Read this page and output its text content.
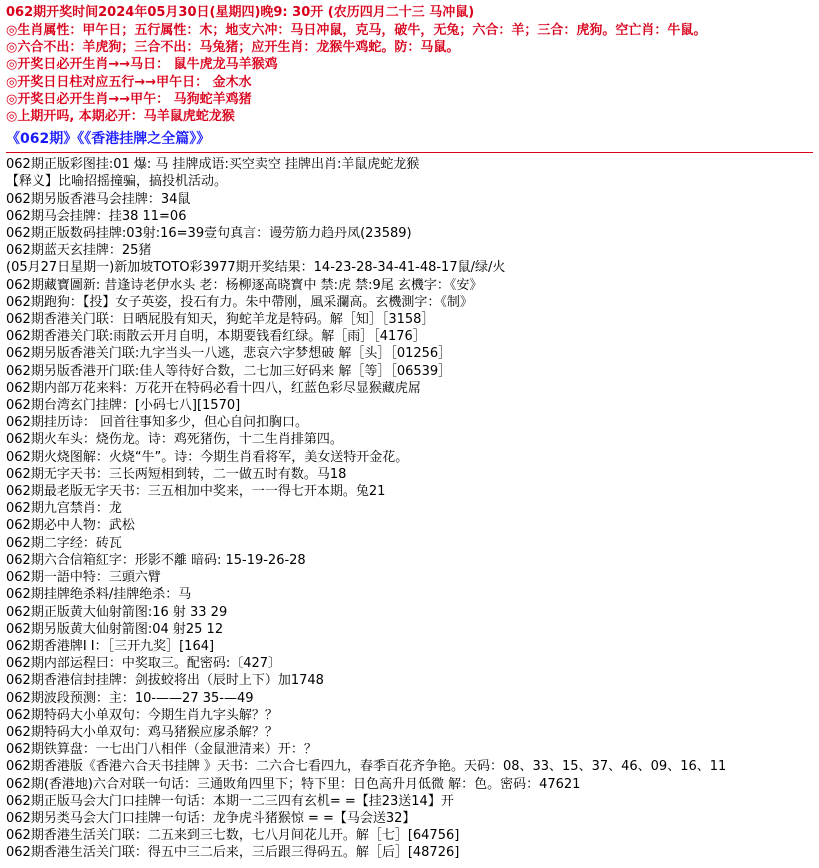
062期开奖时间2024年05月30日(星期四)晚9: 30开 (农历四月二十三 马冲鼠)
◎生肖属性：甲午日；五行属性：木；地支六冲：马日冲鼠，克马，破牛，无兔；六合：羊；三合：虎狗。空亡肖：牛鼠。
◎六合不出：羊虎狗；三合不出：马兔猪；应开生肖：龙猴牛鸡蛇。防：马鼠。
◎开奖日必开生肖→→马日： 鼠牛虎龙马羊猴鸡
◎开奖日日柱对应五行→→甲午日： 金木水
◎开奖日必开生肖→→甲午： 马狗蛇羊鸡猪
◎上期开吗, 本期必开：马羊鼠虎蛇龙猴
《062期》《《香港挂牌之全篇》》
062期正版彩图挂:01 爆: 马 挂牌成语:买空卖空 挂牌出肖:羊鼠虎蛇龙猴
【释义】比喻招摇撞骗，搞投机活动。
062期另版香港马会挂牌：34鼠
062期马会挂牌：挂38 11=06
062期正版数码挂牌:03射:16=39壹句真言：谩劳筋力趋丹凤(23589)
062期蓝天玄挂牌：25猪
(05月27日星期一)新加坡TOTO彩3977期开奖结果：14-23-28-34-41-48-17鼠/绿/火
062期藏寶圖新: 昔逢诗老伊水头 老：杨柳逐高晓寳中 禁:虎 禁:9尾 玄機字：《安》
062期跑狗：【投】女子英姿，投石有力。朱中帶刚，風采瀾高。玄機測字：《制》
062期香港关门联：日晒屁股有知天，狗蛇羊龙是特码。解［知］［3158］
062期香港关门联:雨散云开月自明，本期要钱看红绿。解［雨］［4176］
062期另版香港关门联:九字当头一八逃，悲哀六字梦想破 解［头］［01256］
062期另版香港开门联:佳人等待好合数，二七加三好码来 解［等］［06539］
062期内部万花来料：万花开在特码必看十四八，红蓝色彩尽显猴藏虎屌
062期台湾玄门挂牌：[小码七八][1570]
062期挂历诗： 回首往事知多少，但心自问扣胸口。
062期火车头：烧伤龙。诗：鸡死猪伤，十二生肖排第四。
062期火烧图解：火烧“牛”。诗：今期生肖看将军，美女送特开金花。
062期无字天书：三长两短相到转，二一做五时有数。马18
062期最老版无字天书：三五相加中奖来，一一得七开本期。兔21
062期九宫禁肖：龙
062期必中人物：武松
062期二字经：砖瓦
062期六合信箱紅字：形影不離 暗码: 15-19-26-28
062期一語中特：三頭六臂
062期挂牌绝杀料/挂牌绝杀：马
062期正版黄大仙射箭图:16 射 33 29
062期另版黄大仙射箭图:04 射25 12
062期香港牌I I：［三开九奖］[164]
062期内部运程曰：中奖取三。配密码:〔427〕
062期香港信封挂牌：剑拔蛟将出（辰时上下）加1748
062期波段预测：主：10-——27 35-—49
062期特码大小单双句：今期生肖九字头解？？
062期特码大小单双句：鸡马猪猴应扅杀解？？
062期铁算盘：一七出门八相伴（金鼠泄清来）开：？
062期香港版《香港六合天书挂牌 》天书：二六合七看四九，春季百花齐争艳。天码：08、33、15、37、46、09、16、11
062期(香港地)六合对联一句话：三通敗角四里下；特下里：日色高升月低微 解：色。密码：47621
062期正版马会大门口挂牌一句话：本期一二三四有玄机= =【挂23送14】开
062期另类马会大门口挂牌一句话：龙争虎斗猪猴惊 = =【马会送32】
062期香港生活关门联：二五来到三七数，七八月间花儿开。解［七］[64756]
062期香港生活关门联：得五中三二后来，三后跟三得码五。解［后］[48726]
